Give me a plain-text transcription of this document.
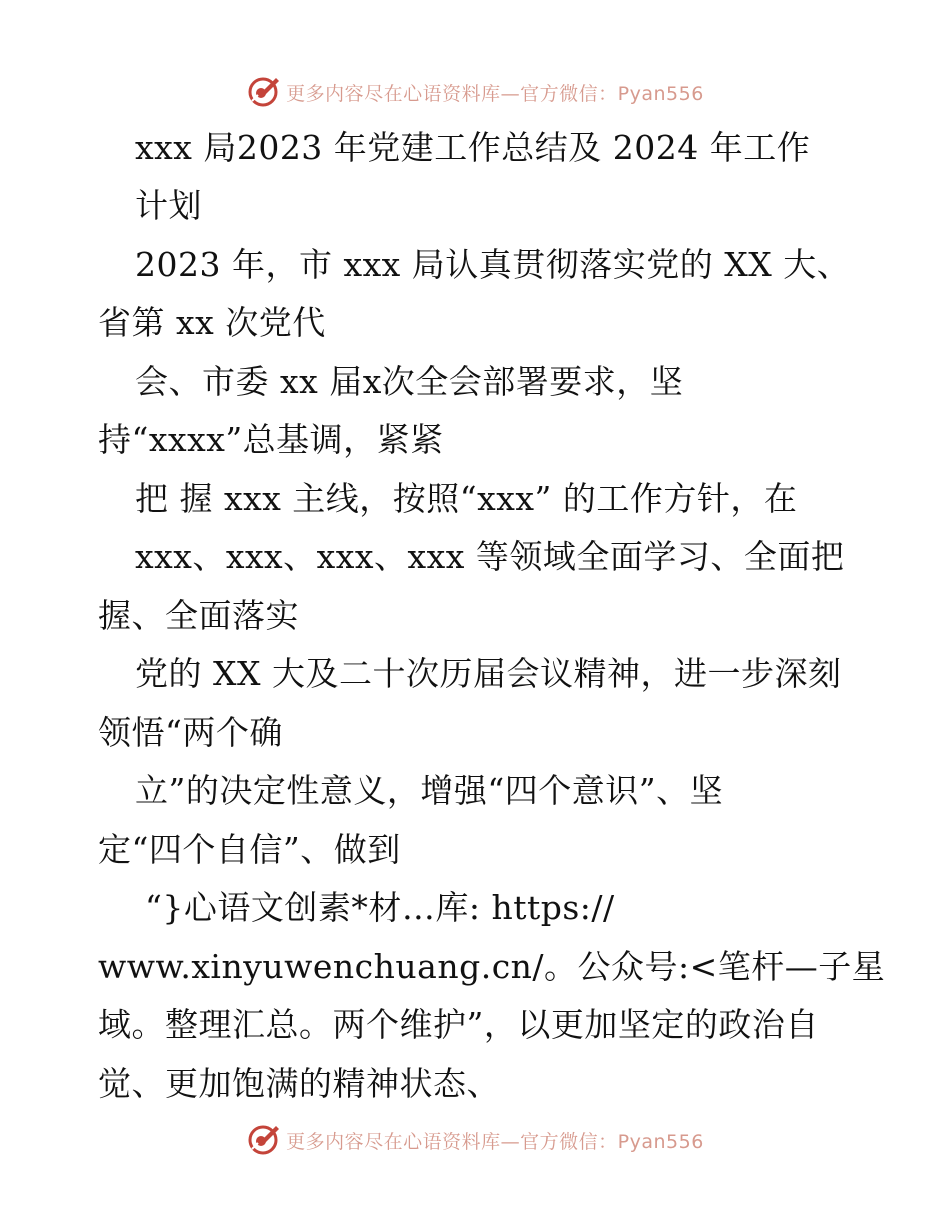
更多内容尽在心语资料库—官方微信：Pyan556
xxx 局2023 年党建工作总结及 2024 年工作
计划
2023 年，市 xxx 局认真贯彻落实党的 XX 大、
省第 xx 次党代
会、市委 xx 届x次全会部署要求，坚
持“xxxx”总基调，紧紧
把 握 xxx 主线，按照“xxx” 的工作方针，在
xxx、xxx、xxx、xxx 等领域全面学习、全面把
握、全面落实
党的 XX 大及二十次历届会议精神，进一步深刻
领悟“两个确
立”的决定性意义，增强“四个意识”、坚
定“四个自信”、做到
“}心语文创素*材…库: https://
www.xinyuwenchuang.cn/。公众号:<笔杆—子星
域。整理汇总。两个维护”，以更加坚定的政治自
觉、更加饱满的精神状态、
更多内容尽在心语资料库—官方微信：Pyan556
